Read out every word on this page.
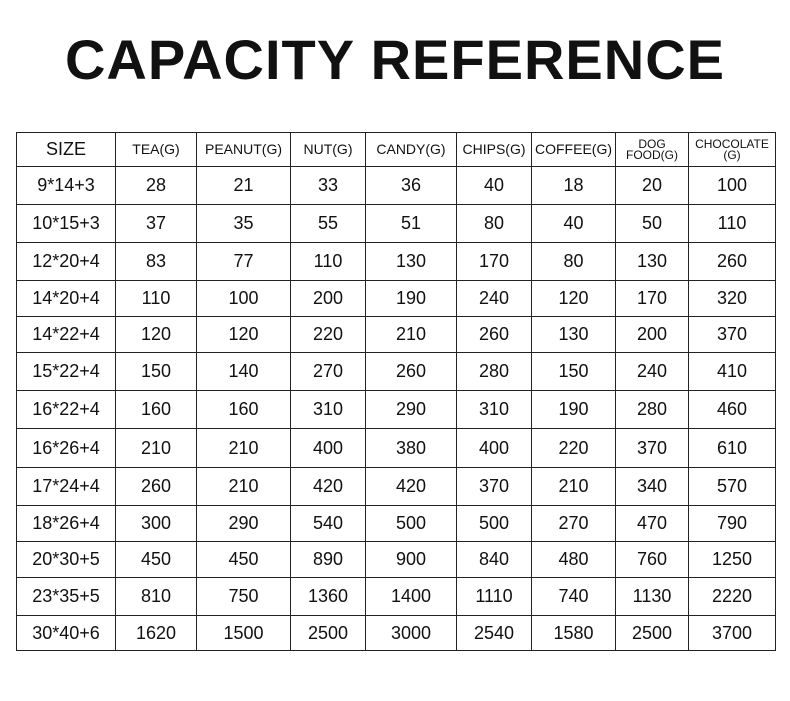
CAPACITY REFERENCE
SIZE	TEA(G)	PEANUT(G)	NUT(G)	CANDY(G)	CHIPS(G)	COFFEE(G)	DOG FOOD(G)	CHOCOLATE (G)
9*14+3	28	21	33	36	40	18	20	100
10*15+3	37	35	55	51	80	40	50	110
12*20+4	83	77	110	130	170	80	130	260
14*20+4	110	100	200	190	240	120	170	320
14*22+4	120	120	220	210	260	130	200	370
15*22+4	150	140	270	260	280	150	240	410
16*22+4	160	160	310	290	310	190	280	460
16*26+4	210	210	400	380	400	220	370	610
17*24+4	260	210	420	420	370	210	340	570
18*26+4	300	290	540	500	500	270	470	790
20*30+5	450	450	890	900	840	480	760	1250
23*35+5	810	750	1360	1400	1110	740	1130	2220
30*40+6	1620	1500	2500	3000	2540	1580	2500	3700
